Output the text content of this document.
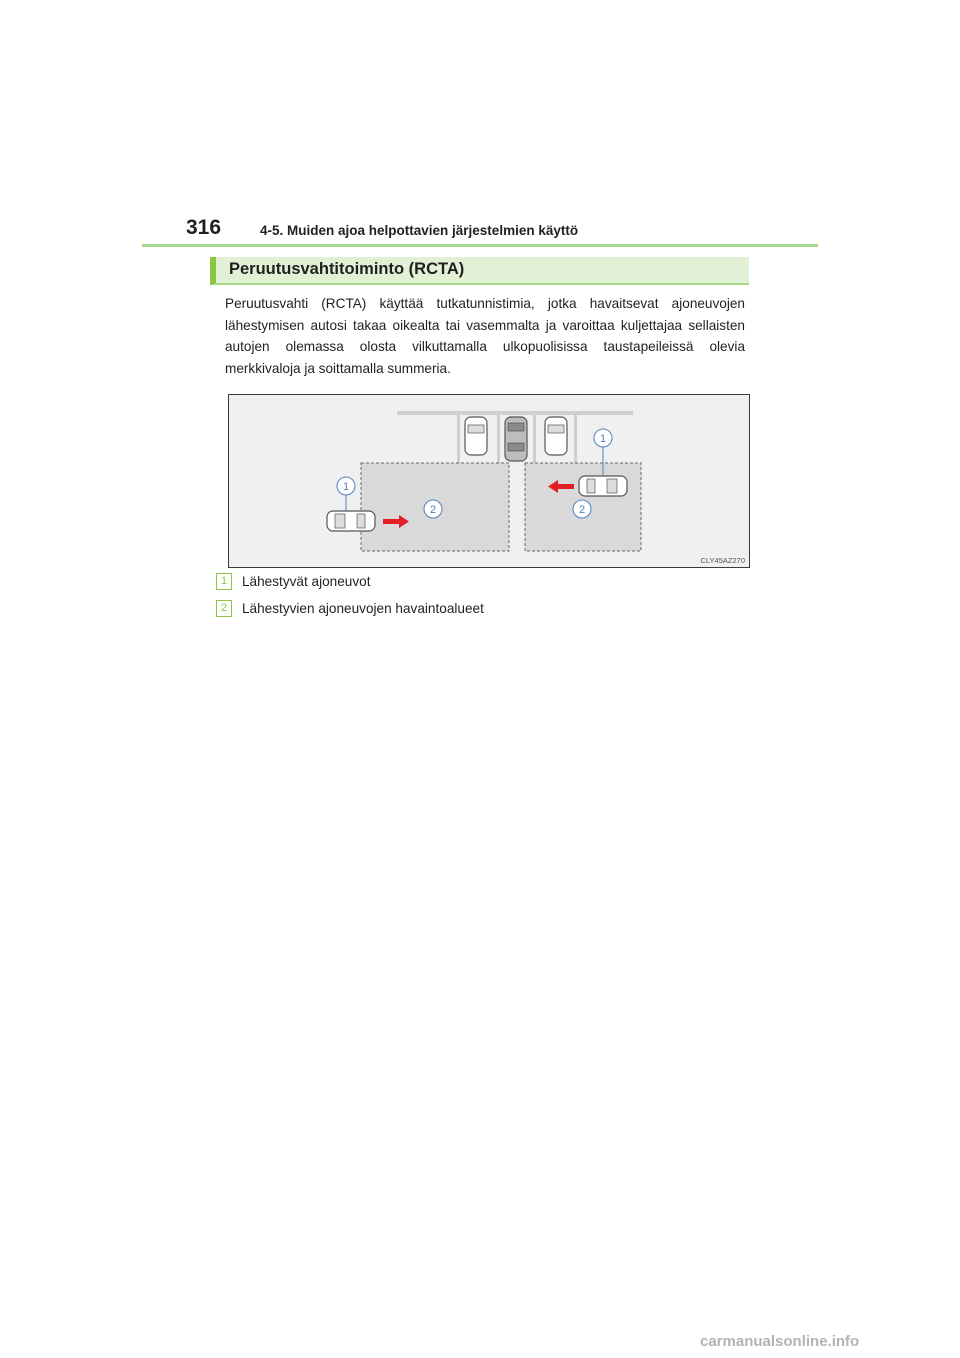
316	4-5. Muiden ajoa helpottavien järjestelmien käyttö
Peruutusvahtitoiminto (RCTA)

Peruutusvahti (RCTA) käyttää tutkatunnistimia, jotka havaitsevat ajoneuvojen lähestymisen autosi takaa oikealta tai vasemmalta ja varoittaa kuljettajaa sellaisten autojen olemassa olosta vilkuttamalla ulkopuolisissa taustapeileissä olevia merkkivaloja ja soittamalla summeria.

1
2
1
2
CLY45AZ270
1 Lähestyvät ajoneuvot
2 Lähestyvien ajoneuvojen havaintoalueet
carmanualsonline.info
